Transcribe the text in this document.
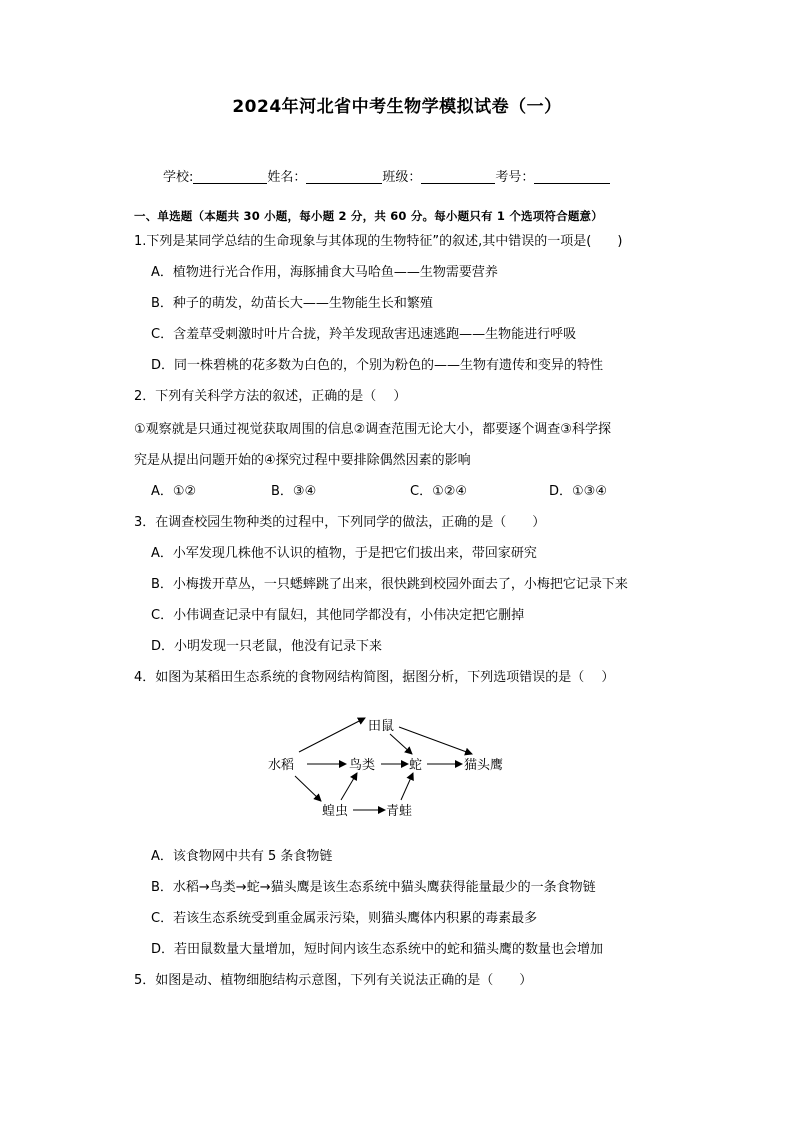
2024年河北省中考生物学模拟试卷（一）
学校:	姓名：	班级：	考号：
一、单选题（本题共 30 小题，每小题 2 分，共 60 分。每小题只有 1 个选项符合题意）
1.下列是某同学总结的生命现象与其体现的生物特征”的叙述,其中错误的一项是(　　)
A．植物进行光合作用，海豚捕食大马哈鱼——生物需要营养
B．种子的萌发，幼苗长大——生物能生长和繁殖
C．含羞草受刺激时叶片合拢，羚羊发现敌害迅速逃跑——生物能进行呼吸
D．同一株碧桃的花多数为白色的，个别为粉色的——生物有遗传和变异的特性
2．下列有关科学方法的叙述，正确的是（　 ）
①观察就是只通过视觉获取周围的信息②调查范围无论大小，都要逐个调查③科学探
究是从提出问题开始的④探究过程中要排除偶然因素的影响
A．①②	B．③④	C．①②④	D．①③④
3．在调查校园生物种类的过程中，下列同学的做法，正确的是（　　）
A．小军发现几株他不认识的植物，于是把它们拔出来，带回家研究
B．小梅拨开草丛，一只蟋蟀跳了出来，很快跳到校园外面去了，小梅把它记录下来
C．小伟调查记录中有鼠妇，其他同学都没有，小伟决定把它删掉
D．小明发现一只老鼠，他没有记录下来
4．如图为某稻田生态系统的食物网结构简图，据图分析，下列选项错误的是（　 ）
水稻
田鼠
鸟类	蛇	猫头鹰
蝗虫	青蛙
A．该食物网中共有 5 条食物链
B．水稻→鸟类→蛇→猫头鹰是该生态系统中猫头鹰获得能量最少的一条食物链
C．若该生态系统受到重金属汞污染，则猫头鹰体内积累的毒素最多
D．若田鼠数量大量增加，短时间内该生态系统中的蛇和猫头鹰的数量也会增加
5．如图是动、植物细胞结构示意图，下列有关说法正确的是（　　）
